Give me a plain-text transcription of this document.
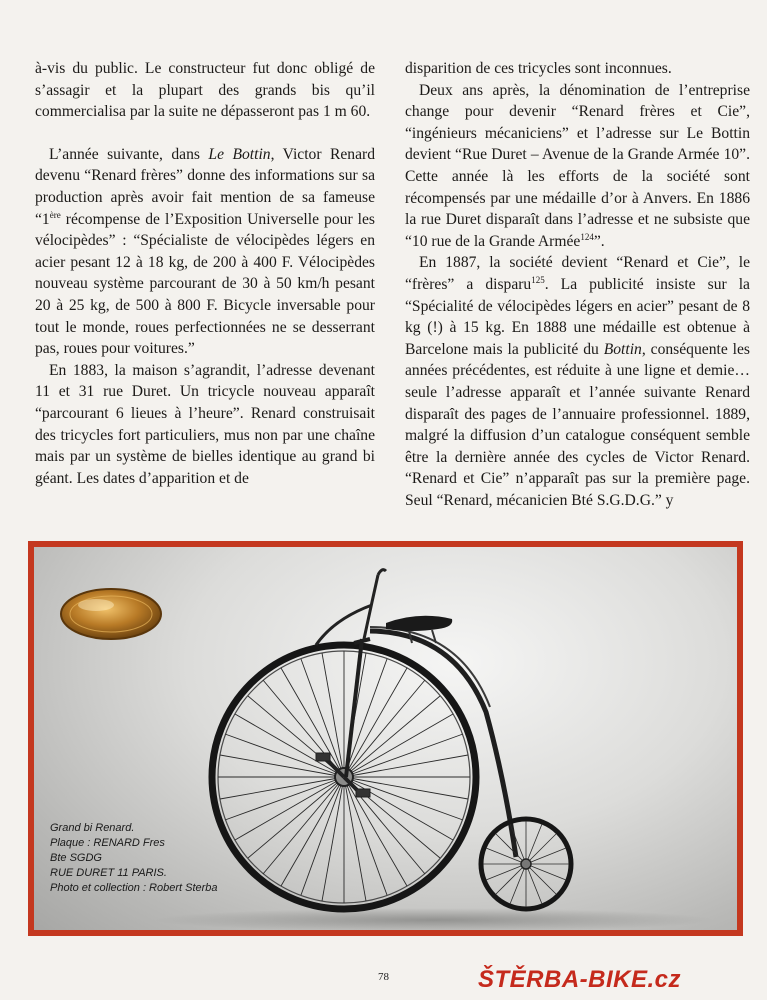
à-vis du public. Le constructeur fut donc obligé de s’assagir et la plupart des grands bis qu’il commercialisa par la suite ne dépasseront pas 1 m 60.

L’année suivante, dans Le Bottin, Victor Renard devenu “Renard frères” donne des informations sur sa production après avoir fait mention de sa fameuse “1ère récompense de l’Exposition Universelle pour les vélocipèdes” : “Spécialiste de vélocipèdes légers en acier pesant 12 à 18 kg, de 200 à 400 F. Vélocipèdes nouveau système parcourant de 30 à 50 km/h pesant 20 à 25 kg, de 500 à 800 F. Bicycle inversable pour tout le monde, roues perfectionnées ne se desserrant pas, roues pour voitures.”

En 1883, la maison s’agrandit, l’adresse devenant 11 et 31 rue Duret. Un tricycle nouveau apparaît “parcourant 6 lieues à l’heure”. Renard construisait des tricycles fort particuliers, mus non par une chaîne mais par un système de bielles identique au grand bi géant. Les dates d’apparition et de

disparition de ces tricycles sont inconnues.

Deux ans après, la dénomination de l’entreprise change pour devenir “Renard frères et Cie”, “ingénieurs mécaniciens” et l’adresse sur Le Bottin devient “Rue Duret – Avenue de la Grande Armée 10”. Cette année là les efforts de la société sont récompensés par une médaille d’or à Anvers. En 1886 la rue Duret disparaît dans l’adresse et ne subsiste que “10 rue de la Grande Armée$^{124}$”.

En 1887, la société devient “Renard et Cie”, le “frères” a disparu$^{125}$. La publicité insiste sur la “Spécialité de vélocipèdes légers en acier” pesant de 8 kg (!) à 15 kg. En 1888 une médaille est obtenue à Barcelone mais la publicité du Bottin, conséquente les années précédentes, est réduite à une ligne et demie… seule l’adresse apparaît et l’année suivante Renard disparaît des pages de l’annuaire professionnel. 1889, malgré la diffusion d’un catalogue conséquent semble être la dernière année des cycles de Victor Renard. “Renard et Cie” n’apparaît pas sur la première page. Seul “Renard, mécanicien Bté S.G.D.G.” y

Grand bi Renard.
Plaque : RENARD Fres
Bte SGDG
RUE DURET 11 PARIS.
Photo et collection : Robert Sterba
78	ŠTĚRBA-BIKE.cz
